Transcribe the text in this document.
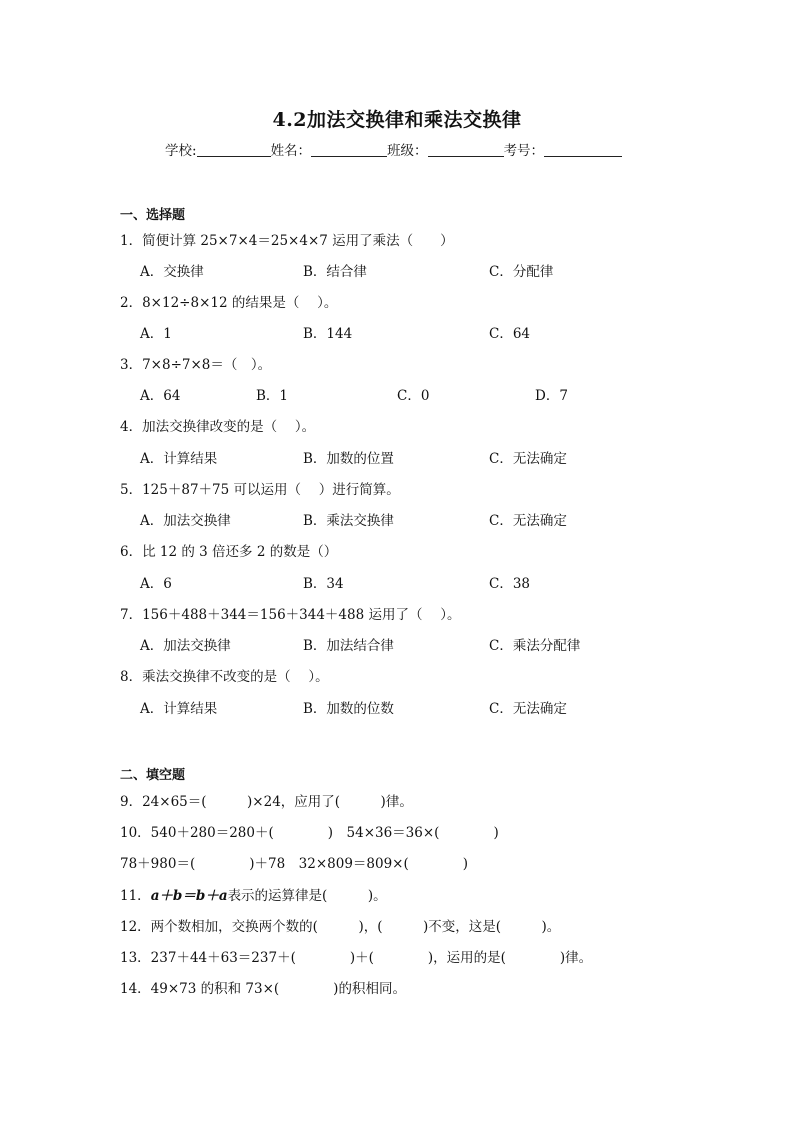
4.2加法交换律和乘法交换律
学校:	姓名：	班级：	考号：
一、选择题
1．简便计算 25×7×4＝25×4×7 运用了乘法（　　）
A．交换律	B．结合律	C．分配律
2．8×12÷8×12 的结果是（　 ）。
A．1	B．144	C．64
3．7×8÷7×8＝（　）。
A．64	B．1	C．0	D．7
4．加法交换律改变的是（　 ）。
A．计算结果	B．加数的位置	C．无法确定
5．125＋87＋75 可以运用（　 ）进行简算。
A．加法交换律	B．乘法交换律	C．无法确定
6．比 12 的 3 倍还多 2 的数是（）
A．6	B．34	C．38
7．156＋488＋344＝156＋344＋488 运用了（　 ）。
A．加法交换律	B．加法结合律	C．乘法分配律
8．乘法交换律不改变的是（　 ）。
A．计算结果	B．加数的位数	C．无法确定
二、填空题
9．24×65＝(　　　)×24，应用了(　　　)律。
10．540＋280＝280＋(　　　　)　54×36＝36×(　　　　)
78＋980＝(　　　　)＋78　32×809＝809×(　　　　)
11．a＋b＝b＋a表示的运算律是(　　　)。
12．两个数相加，交换两个数的(　　　)，(　　　)不变，这是(　　　)。
13．237＋44＋63＝237＋(　　　　)＋(　　　　)，运用的是(　　　　)律。
14．49×73 的积和 73×(　　　　)的积相同。
